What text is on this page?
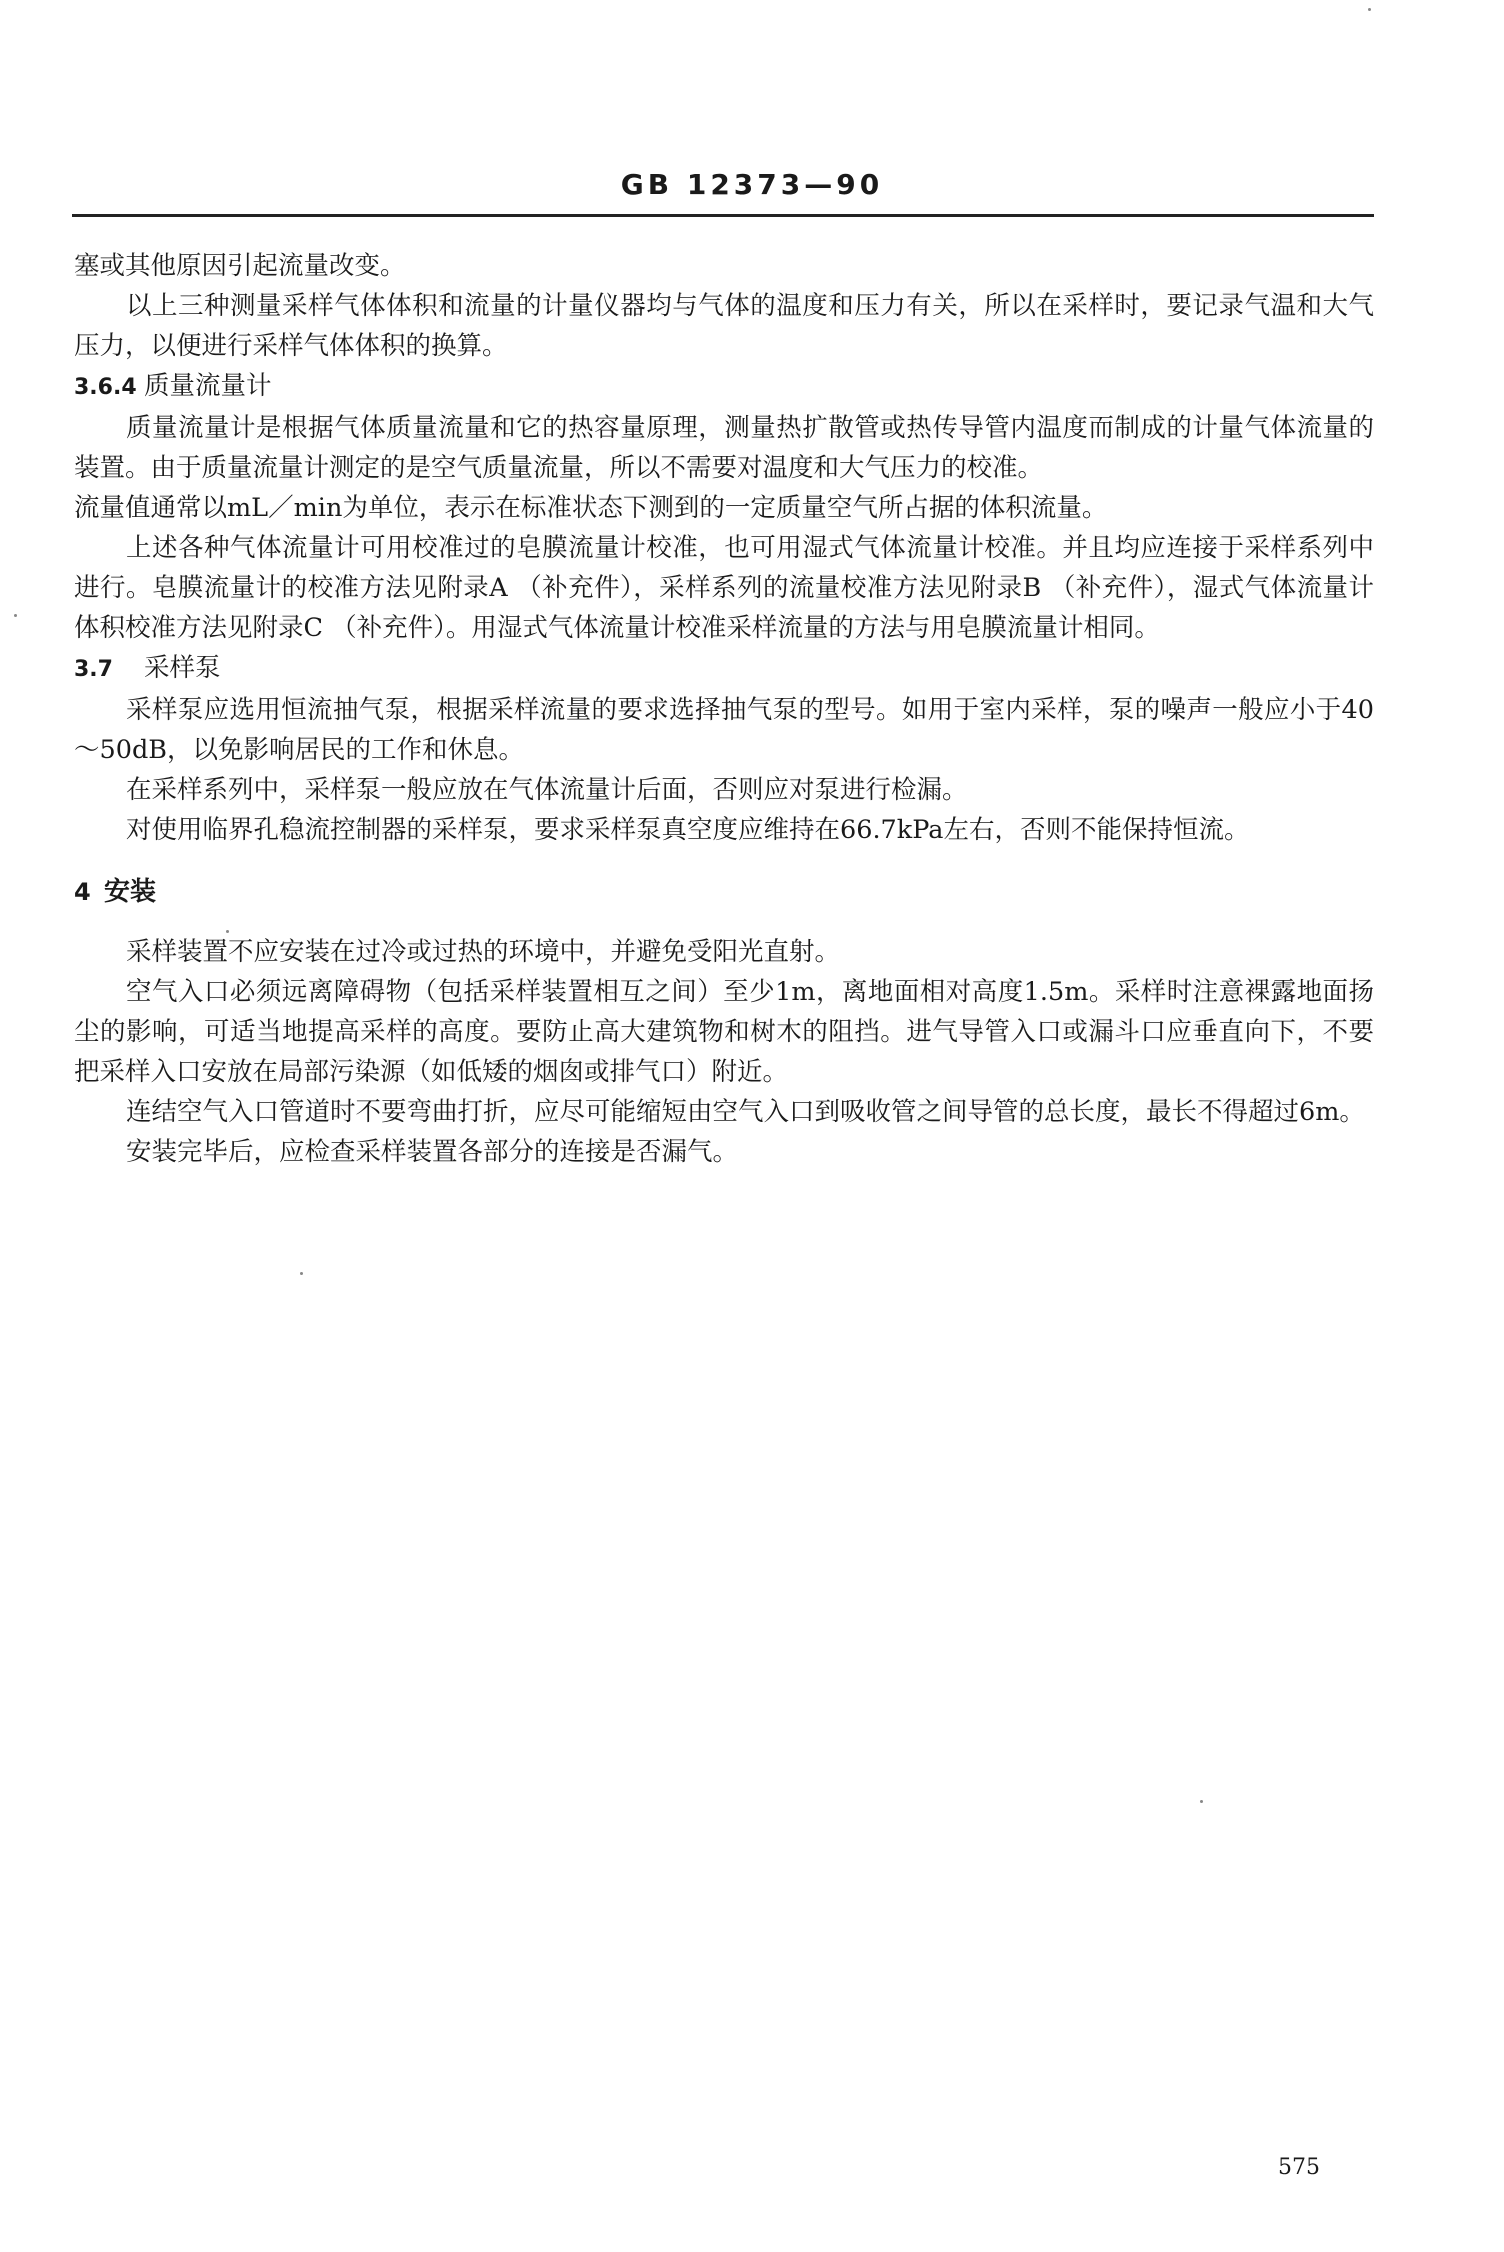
GB 12373—90

塞或其他原因引起流量改变。

以上三种测量采样气体体积和流量的计量仪器均与气体的温度和压力有关，所以在采样时，要记录气温和大气压力，以便进行采样气体体积的换算。

3.6.4 质量流量计

质量流量计是根据气体质量流量和它的热容量原理，测量热扩散管或热传导管内温度而制成的计量气体流量的装置。由于质量流量计测定的是空气质量流量，所以不需要对温度和大气压力的校准。

流量值通常以mL／min为单位，表示在标准状态下测到的一定质量空气所占据的体积流量。

上述各种气体流量计可用校准过的皂膜流量计校准，也可用湿式气体流量计校准。并且均应连接于采样系列中进行。皂膜流量计的校准方法见附录A （补充件），采样系列的流量校准方法见附录B （补充件），湿式气体流量计体积校准方法见附录C （补充件）。用湿式气体流量计校准采样流量的方法与用皂膜流量计相同。

3.7	采样泵

采样泵应选用恒流抽气泵，根据采样流量的要求选择抽气泵的型号。如用于室内采样，泵的噪声一般应小于40～50dB，以免影响居民的工作和休息。

在采样系列中，采样泵一般应放在气体流量计后面，否则应对泵进行检漏。

对使用临界孔稳流控制器的采样泵，要求采样泵真空度应维持在66.7kPa左右，否则不能保持恒流。

4 安装

采样装置不应安装在过冷或过热的环境中，并避免受阳光直射。

空气入口必须远离障碍物（包括采样装置相互之间）至少1m，离地面相对高度1.5m。采样时注意裸露地面扬尘的影响，可适当地提高采样的高度。要防止高大建筑物和树木的阻挡。进气导管入口或漏斗口应垂直向下，不要把采样入口安放在局部污染源（如低矮的烟囱或排气口）附近。

连结空气入口管道时不要弯曲打折，应尽可能缩短由空气入口到吸收管之间导管的总长度，最长不得超过6m。

安装完毕后，应检查采样装置各部分的连接是否漏气。

575
